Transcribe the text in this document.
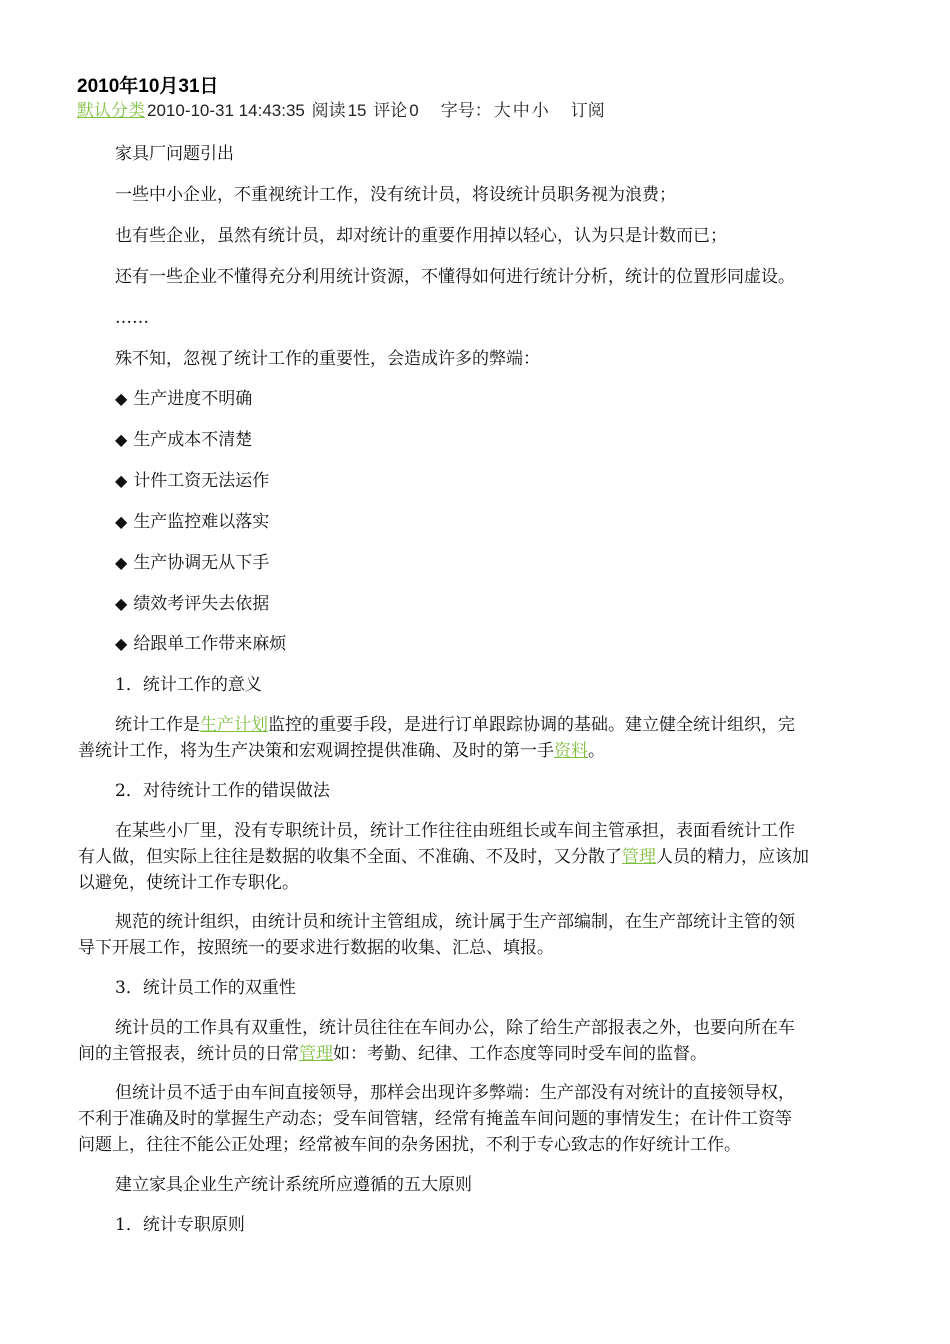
2010年10月31日
默认分类 2010-10-31 14:43:35 阅读 15 评论 0 字号： 大 中 小 订阅

家具厂问题引出

一些中小企业，不重视统计工作，没有统计员，将设统计员职务视为浪费；

也有些企业，虽然有统计员，却对统计的重要作用掉以轻心，认为只是计数而已；

还有一些企业不懂得充分利用统计资源，不懂得如何进行统计分析，统计的位置形同虚设。

……

殊不知，忽视了统计工作的重要性，会造成许多的弊端：

◆ 生产进度不明确

◆ 生产成本不清楚

◆ 计件工资无法运作

◆ 生产监控难以落实

◆ 生产协调无从下手

◆ 绩效考评失去依据

◆ 给跟单工作带来麻烦

1．统计工作的意义

统计工作是生产计划监控的重要手段，是进行订单跟踪协调的基础。建立健全统计组织，完
善统计工作，将为生产决策和宏观调控提供准确、及时的第一手资料。

2．对待统计工作的错误做法

在某些小厂里，没有专职统计员，统计工作往往由班组长或车间主管承担，表面看统计工作
有人做，但实际上往往是数据的收集不全面、不准确、不及时，又分散了管理人员的精力，应该加
以避免，使统计工作专职化。
规范的统计组织，由统计员和统计主管组成，统计属于生产部编制，在生产部统计主管的领
导下开展工作，按照统一的要求进行数据的收集、汇总、填报。

3．统计员工作的双重性

统计员的工作具有双重性，统计员往往在车间办公，除了给生产部报表之外，也要向所在车
间的主管报表，统计员的日常管理如：考勤、纪律、工作态度等同时受车间的监督。
但统计员不适于由车间直接领导，那样会出现许多弊端：生产部没有对统计的直接领导权，
不利于准确及时的掌握生产动态；受车间管辖，经常有掩盖车间问题的事情发生；在计件工资等
问题上，往往不能公正处理；经常被车间的杂务困扰，不利于专心致志的作好统计工作。

建立家具企业生产统计系统所应遵循的五大原则

1．统计专职原则
